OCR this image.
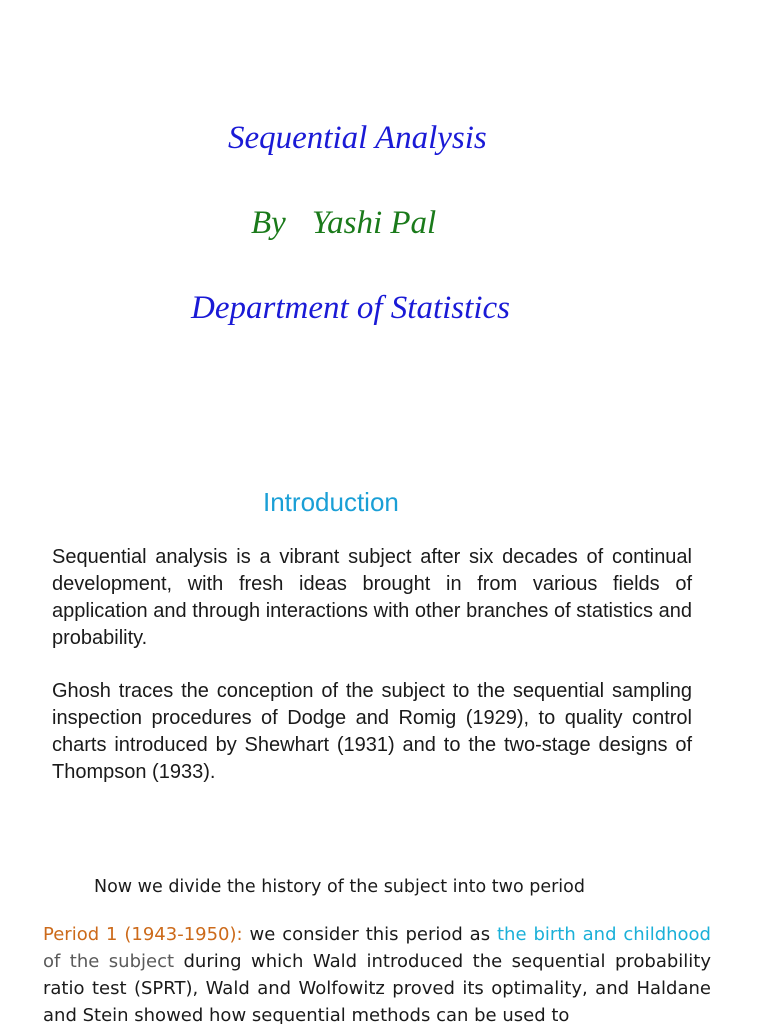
Sequential Analysis
By Yashi Pal
Department of Statistics
Introduction

Sequential analysis is a vibrant subject after six decades of continual development, with fresh ideas brought in from various fields of application and through interactions with other branches of statistics and probability.

Ghosh traces the conception of the subject to the sequential sampling inspection procedures of Dodge and Romig (1929), to quality control charts introduced by Shewhart (1931) and to the two-stage designs of Thompson (1933).

Now we divide the history of the subject into two period

Period 1 (1943-1950): we consider this period as the birth and childhood of the subject during which Wald introduced the sequential probability ratio test (SPRT), Wald and Wolfowitz proved its optimality, and Haldane and Stein showed how sequential methods can be used to
